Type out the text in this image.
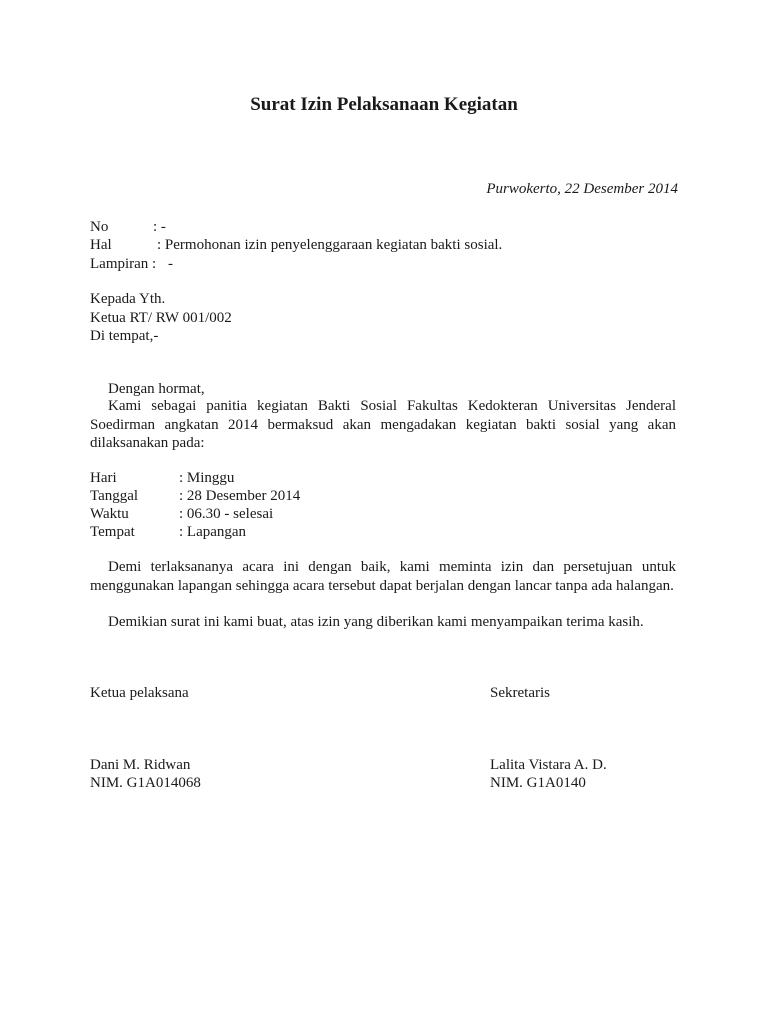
Surat Izin Pelaksanaan Kegiatan
Purwokerto, 22 Desember 2014
No	: -
Hal	: Permohonan izin penyelenggaraan kegiatan bakti sosial.
Lampiran : -
Kepada Yth.
Ketua RT/ RW 001/002
Di tempat,-
Dengan hormat,
Kami sebagai panitia kegiatan Bakti Sosial Fakultas Kedokteran Universitas Jenderal Soedirman angkatan 2014 bermaksud akan mengadakan kegiatan bakti sosial yang akan dilaksanakan pada:
Hari	: Minggu
Tanggal	: 28 Desember 2014
Waktu	: 06.30 - selesai
Tempat	: Lapangan
Demi terlaksananya acara ini dengan baik, kami meminta izin dan persetujuan untuk menggunakan lapangan sehingga acara tersebut dapat berjalan dengan lancar tanpa ada halangan.
Demikian surat ini kami buat, atas izin yang diberikan kami menyampaikan terima kasih.
Ketua pelaksana	Sekretaris
Dani M. Ridwan	Lalita Vistara A. D.
NIM. G1A014068	NIM. G1A0140
